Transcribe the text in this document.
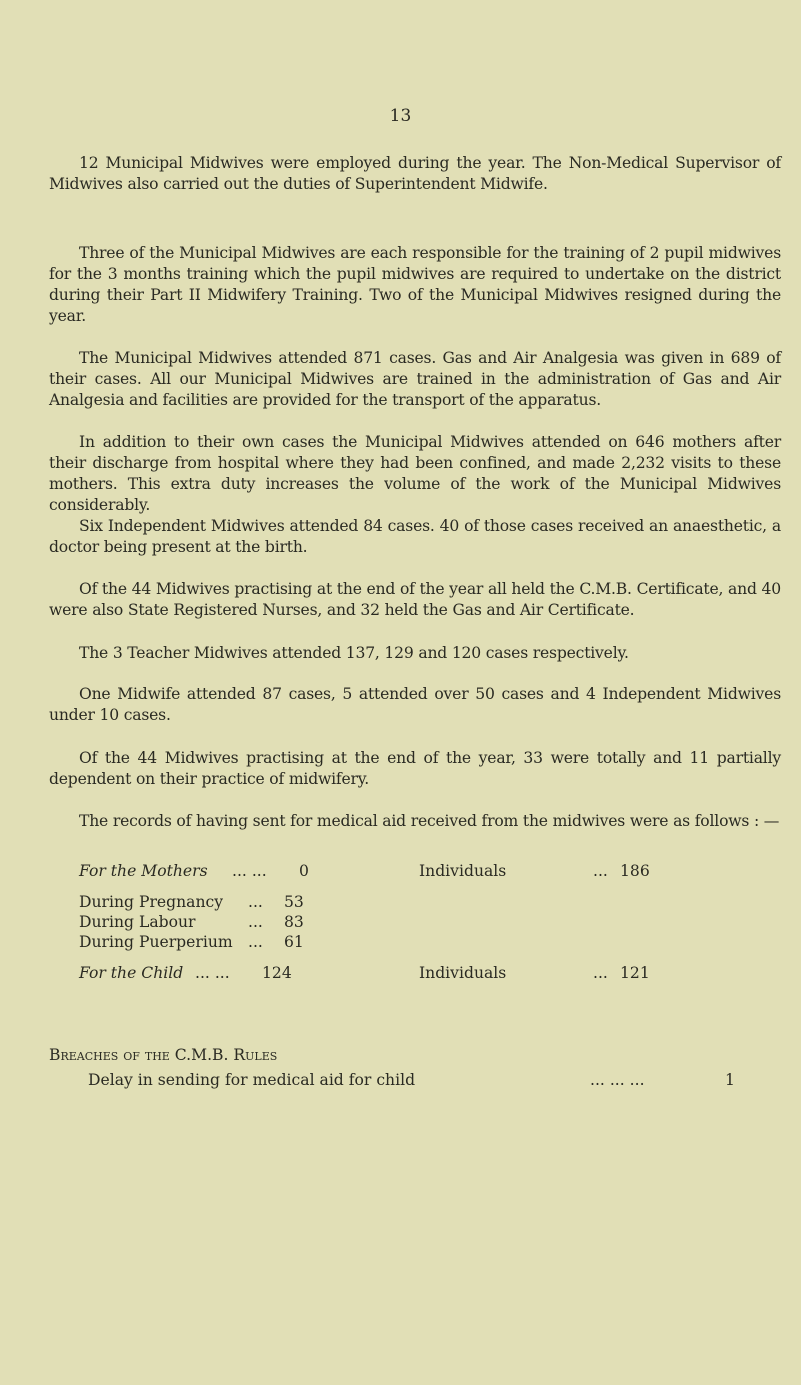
13

12 Municipal Midwives were employed during the year. The Non-Medical Supervisor of Midwives also carried out the duties of Superintendent Midwife.

Three of the Municipal Midwives are each responsible for the training of 2 pupil midwives for the 3 months training which the pupil midwives are required to undertake on the district during their Part II Midwifery Training. Two of the Municipal Midwives resigned during the year.

The Municipal Midwives attended 871 cases. Gas and Air Analgesia was given in 689 of their cases. All our Municipal Midwives are trained in the administration of Gas and Air Analgesia and facilities are provided for the transport of the apparatus.

In addition to their own cases the Municipal Midwives attended on 646 mothers after their discharge from hospital where they had been confined, and made 2,232 visits to these mothers. This extra duty increases the volume of the work of the Municipal Midwives considerably.

Six Independent Midwives attended 84 cases. 40 of those cases received an anaesthetic, a doctor being present at the birth.

Of the 44 Midwives practising at the end of the year all held the C.M.B. Certificate, and 40 were also State Registered Nurses, and 32 held the Gas and Air Certificate.

The 3 Teacher Midwives attended 137, 129 and 120 cases respectively.

One Midwife attended 87 cases, 5 attended over 50 cases and 4 Independent Midwives under 10 cases.

Of the 44 Midwives practising at the end of the year, 33 were totally and 11 partially dependent on their practice of midwifery.

The records of having sent for medical aid received from the midwives were as follows : —

For the Mothers ... ... 0	Individuals	... 186
During Pregnancy ... 53
During Labour	... 83
During Puerperium ... 61
For the Child ... ... 124	Individuals	... 121
Breaches of the C.M.B. Rules
Delay in sending for medical aid for child	... ... ...	1
